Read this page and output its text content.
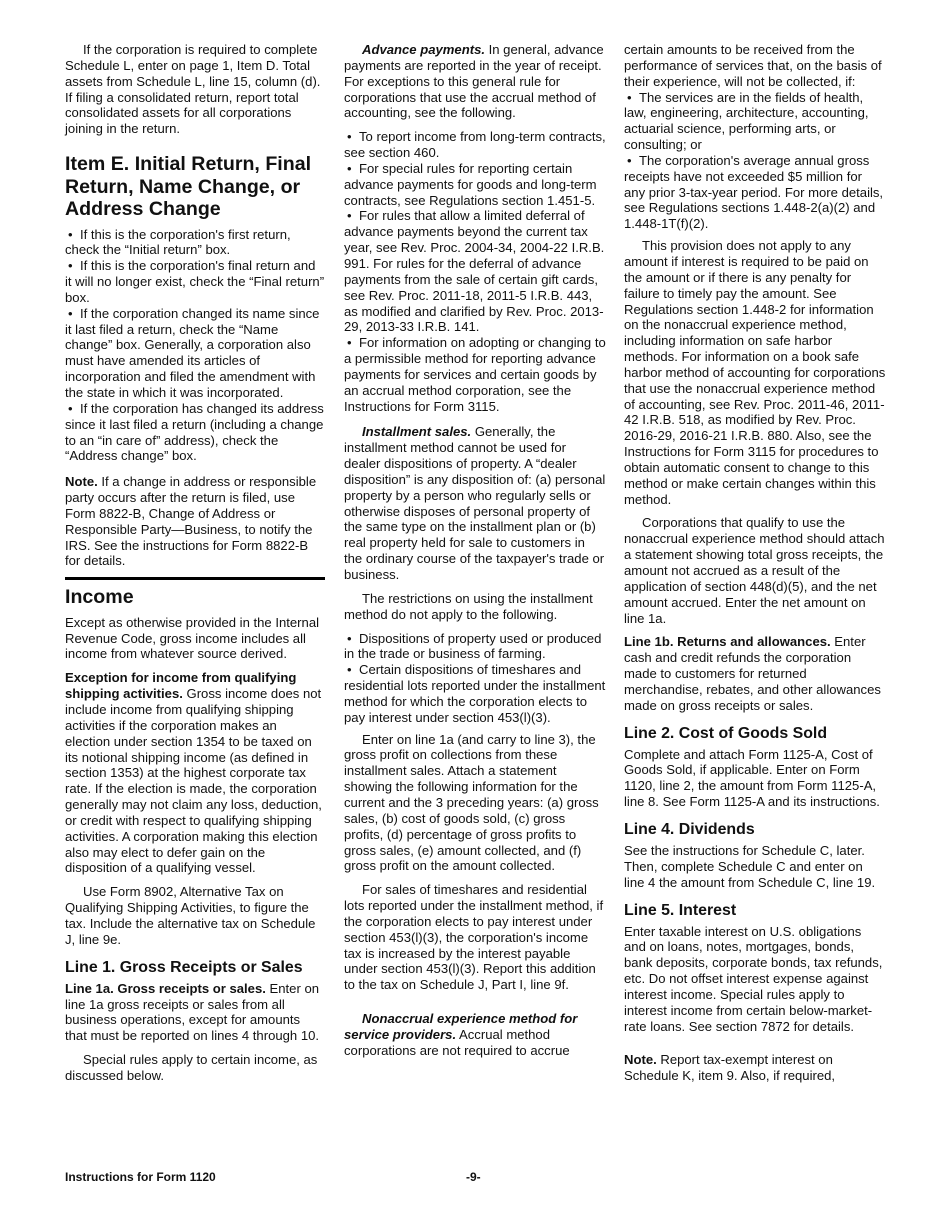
If the corporation is required to complete Schedule L, enter on page 1, Item D. Total assets from Schedule L, line 15, column (d). If filing a consolidated return, report total consolidated assets for all corporations joining in the return.

Item E. Initial Return, Final Return, Name Change, or Address Change

• If this is the corporation's first return, check the “Initial return” box.

• If this is the corporation's final return and it will no longer exist, check the “Final return” box.

• If the corporation changed its name since it last filed a return, check the “Name change” box. Generally, a corporation also must have amended its articles of incorporation and filed the amendment with the state in which it was incorporated.

• If the corporation has changed its address since it last filed a return (including a change to an “in care of” address), check the “Address change” box.

Note. If a change in address or responsible party occurs after the return is filed, use Form 8822-B, Change of Address or Responsible Party—Business, to notify the IRS. See the instructions for Form 8822-B for details.

Income

Except as otherwise provided in the Internal Revenue Code, gross income includes all income from whatever source derived.

Exception for income from qualifying shipping activities. Gross income does not include income from qualifying shipping activities if the corporation makes an election under section 1354 to be taxed on its notional shipping income (as defined in section 1353) at the highest corporate tax rate. If the election is made, the corporation generally may not claim any loss, deduction, or credit with respect to qualifying shipping activities. A corporation making this election also may elect to defer gain on the disposition of a qualifying vessel.

Use Form 8902, Alternative Tax on Qualifying Shipping Activities, to figure the tax. Include the alternative tax on Schedule J, line 9e.

Line 1. Gross Receipts or Sales

Line 1a. Gross receipts or sales. Enter on line 1a gross receipts or sales from all business operations, except for amounts that must be reported on lines 4 through 10.

Special rules apply to certain income, as discussed below.

Advance payments. In general, advance payments are reported in the year of receipt. For exceptions to this general rule for corporations that use the accrual method of accounting, see the following.

• To report income from long-term contracts, see section 460.

• For special rules for reporting certain advance payments for goods and long-term contracts, see Regulations section 1.451-5.

• For rules that allow a limited deferral of advance payments beyond the current tax year, see Rev. Proc. 2004-34, 2004-22 I.R.B. 991. For rules for the deferral of advance payments from the sale of certain gift cards, see Rev. Proc. 2011-18, 2011-5 I.R.B. 443, as modified and clarified by Rev. Proc. 2013-29, 2013-33 I.R.B. 141.

• For information on adopting or changing to a permissible method for reporting advance payments for services and certain goods by an accrual method corporation, see the Instructions for Form 3115.

Installment sales. Generally, the installment method cannot be used for dealer dispositions of property. A “dealer disposition” is any disposition of: (a) personal property by a person who regularly sells or otherwise disposes of personal property of the same type on the installment plan or (b) real property held for sale to customers in the ordinary course of the taxpayer's trade or business.

The restrictions on using the installment method do not apply to the following.

• Dispositions of property used or produced in the trade or business of farming.

• Certain dispositions of timeshares and residential lots reported under the installment method for which the corporation elects to pay interest under section 453(l)(3).

Enter on line 1a (and carry to line 3), the gross profit on collections from these installment sales. Attach a statement showing the following information for the current and the 3 preceding years: (a) gross sales, (b) cost of goods sold, (c) gross profits, (d) percentage of gross profits to gross sales, (e) amount collected, and (f) gross profit on the amount collected.

For sales of timeshares and residential lots reported under the installment method, if the corporation elects to pay interest under section 453(l)(3), the corporation's income tax is increased by the interest payable under section 453(l)(3). Report this addition to the tax on Schedule J, Part I, line 9f.

Nonaccrual experience method for service providers. Accrual method corporations are not required to accrue

certain amounts to be received from the performance of services that, on the basis of their experience, will not be collected, if:

• The services are in the fields of health, law, engineering, architecture, accounting, actuarial science, performing arts, or consulting; or

• The corporation's average annual gross receipts have not exceeded $5 million for any prior 3-tax-year period. For more details, see Regulations sections 1.448-2(a)(2) and 1.448-1T(f)(2).

This provision does not apply to any amount if interest is required to be paid on the amount or if there is any penalty for failure to timely pay the amount. See Regulations section 1.448-2 for information on the nonaccrual experience method, including information on safe harbor methods. For information on a book safe harbor method of accounting for corporations that use the nonaccrual experience method of accounting, see Rev. Proc. 2011-46, 2011-42 I.R.B. 518, as modified by Rev. Proc. 2016-29, 2016-21 I.R.B. 880. Also, see the Instructions for Form 3115 for procedures to obtain automatic consent to change to this method or make certain changes within this method.

Corporations that qualify to use the nonaccrual experience method should attach a statement showing total gross receipts, the amount not accrued as a result of the application of section 448(d)(5), and the net amount accrued. Enter the net amount on line 1a.

Line 1b. Returns and allowances. Enter cash and credit refunds the corporation made to customers for returned merchandise, rebates, and other allowances made on gross receipts or sales.

Line 2. Cost of Goods Sold

Complete and attach Form 1125-A, Cost of Goods Sold, if applicable. Enter on Form 1120, line 2, the amount from Form 1125-A, line 8. See Form 1125-A and its instructions.

Line 4. Dividends

See the instructions for Schedule C, later. Then, complete Schedule C and enter on line 4 the amount from Schedule C, line 19.

Line 5. Interest

Enter taxable interest on U.S. obligations and on loans, notes, mortgages, bonds, bank deposits, corporate bonds, tax refunds, etc. Do not offset interest expense against interest income. Special rules apply to interest income from certain below-market-rate loans. See section 7872 for details.

Note. Report tax-exempt interest on Schedule K, item 9. Also, if required,

Instructions for Form 1120	-9-
